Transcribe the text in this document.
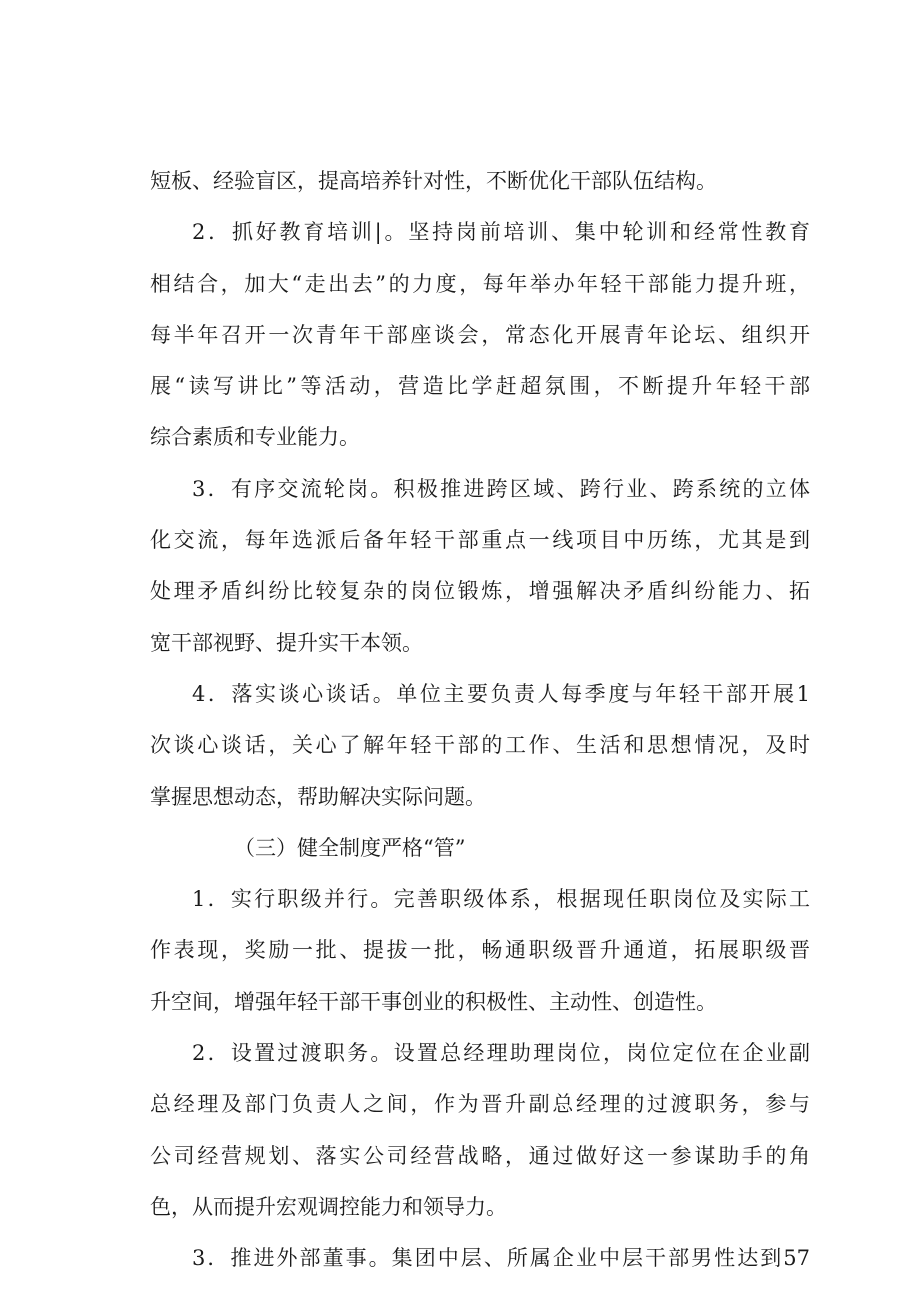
短板、经验盲区，提高培养针对性，不断优化干部队伍结构。
2．抓好教育培训|。坚持岗前培训、集中轮训和经常性教育
相结合，加大“走出去”的力度，每年举办年轻干部能力提升班，
每半年召开一次青年干部座谈会，常态化开展青年论坛、组织开
展“读写讲比”等活动，营造比学赶超氛围，不断提升年轻干部
综合素质和专业能力。
3．有序交流轮岗。积极推进跨区域、跨行业、跨系统的立体
化交流，每年选派后备年轻干部重点一线项目中历练，尤其是到
处理矛盾纠纷比较复杂的岗位锻炼，增强解决矛盾纠纷能力、拓
宽干部视野、提升实干本领。
4．落实谈心谈话。单位主要负责人每季度与年轻干部开展1
次谈心谈话，关心了解年轻干部的工作、生活和思想情况，及时
掌握思想动态，帮助解决实际问题。
（三）健全制度严格“管”
1．实行职级并行。完善职级体系，根据现任职岗位及实际工
作表现，奖励一批、提拔一批，畅通职级晋升通道，拓展职级晋
升空间，增强年轻干部干事创业的积极性、主动性、创造性。
2．设置过渡职务。设置总经理助理岗位，岗位定位在企业副
总经理及部门负责人之间，作为晋升副总经理的过渡职务，参与
公司经营规划、落实公司经营战略，通过做好这一参谋助手的角
色，从而提升宏观调控能力和领导力。
3．推进外部董事。集团中层、所属企业中层干部男性达到57
